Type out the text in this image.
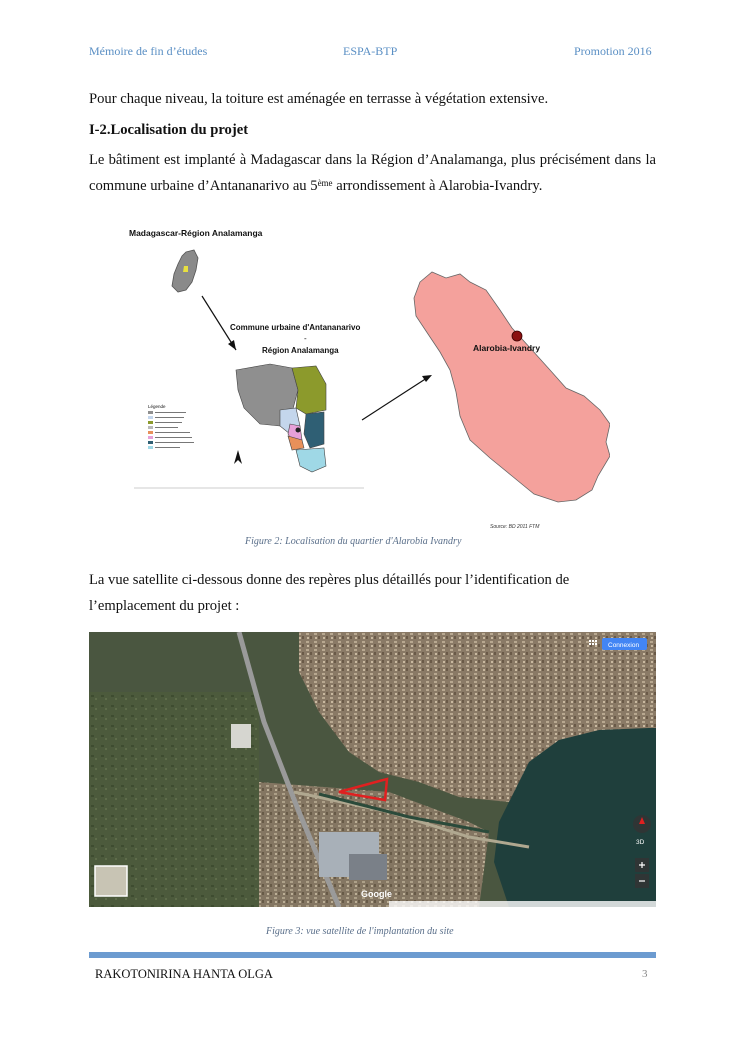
Mémoire de fin d’études	ESPA-BTP	Promotion 2016

Pour chaque niveau, la toiture est aménagée en terrasse à végétation extensive.

I-2.Localisation du projet

Le bâtiment est implanté à Madagascar dans la Région d’Analamanga, plus précisément dans la commune urbaine d’Antananarivo au 5ème arrondissement à Alarobia-Ivandry.

Madagascar-Région Analamanga
Commune urbaine d'Antananarivo
-
Région Analamanga
Légende
Alarobia-Ivandry
Source: BD 2011 FTM
Figure 2: Localisation du quartier d'Alarobia Ivandry

La vue satellite ci-dessous donne des repères plus détaillés pour l’identification de l’emplacement du projet :

Connexion
3D
Google
Figure 3: vue satellite de l'implantation du site
RAKOTONIRINA HANTA OLGA	3
